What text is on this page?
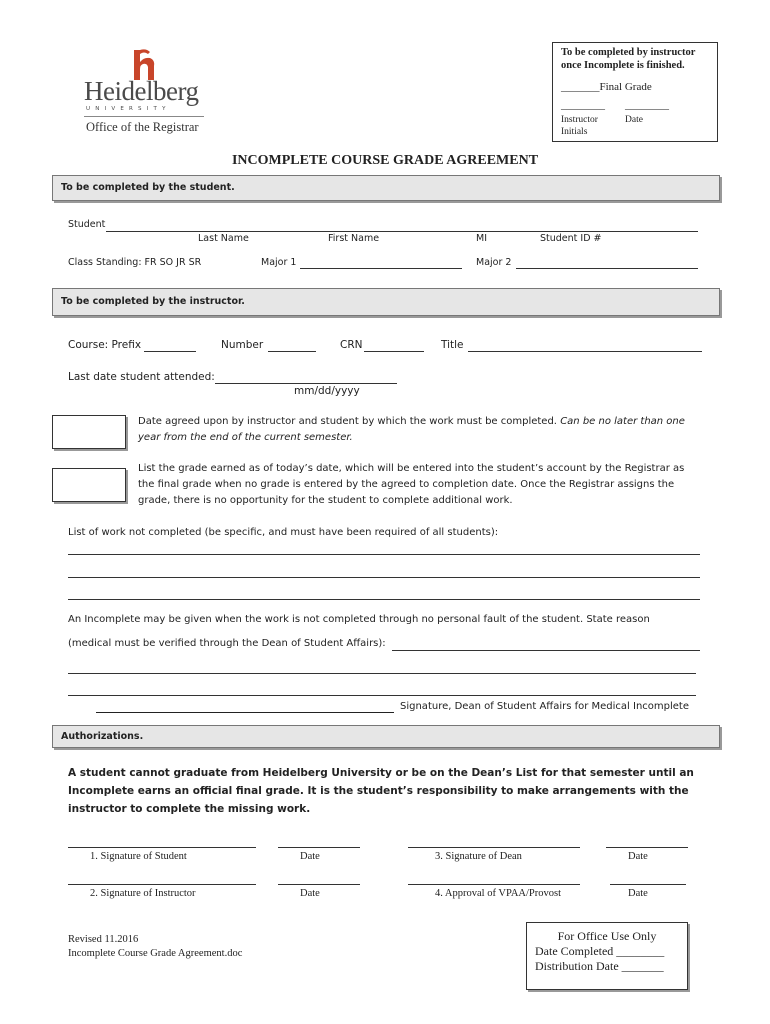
Heidelberg
UNIVERSITY
Office of the Registrar
To be completed by instructor
once Incomplete is finished.
_______Final Grade
________ ________
Instructor
Initials
Date
INCOMPLETE COURSE GRADE AGREEMENT
To be completed by the student.
Student
Last Name	First Name	MI	Student ID #
Class Standing: FR SO JR SR	Major 1	Major 2
To be completed by the instructor.
Course: Prefix	Number	CRN	Title
Last date student attended:
mm/dd/yyyy
Date agreed upon by instructor and student by which the work must be completed. Can be no later than one
year from the end of the current semester.
List the grade earned as of today’s date, which will be entered into the student’s account by the Registrar as
the final grade when no grade is entered by the agreed to completion date. Once the Registrar assigns the
grade, there is no opportunity for the student to complete additional work.
List of work not completed (be specific, and must have been required of all students):
An Incomplete may be given when the work is not completed through no personal fault of the student. State reason
(medical must be verified through the Dean of Student Affairs):
Signature, Dean of Student Affairs for Medical Incomplete
Authorizations.
A student cannot graduate from Heidelberg University or be on the Dean’s List for that semester until an
Incomplete earns an official final grade. It is the student’s responsibility to make arrangements with the
instructor to complete the missing work.
1. Signature of Student	Date	3. Signature of Dean	Date
2. Signature of Instructor	Date	4. Approval of VPAA/Provost	Date
Revised 11.2016
Incomplete Course Grade Agreement.doc
For Office Use Only
Date Completed ________
Distribution Date _______
